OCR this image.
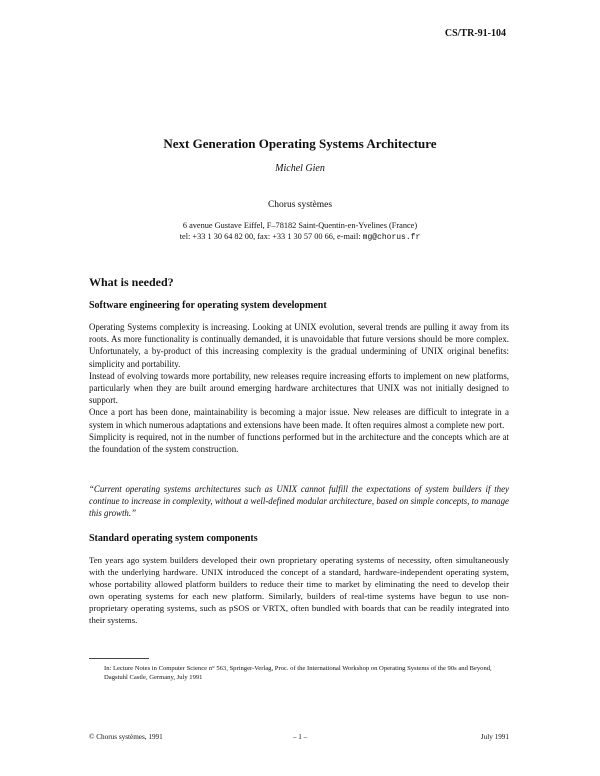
CS/TR-91-104
Next Generation Operating Systems Architecture
Michel Gien
Chorus systèmes
6 avenue Gustave Eiffel, F–78182 Saint-Quentin-en-Yvelines (France)
tel: +33 1 30 64 82 00, fax: +33 1 30 57 00 66, e-mail: mg@chorus.fr
What is needed?
Software engineering for operating system development

Operating Systems complexity is increasing. Looking at UNIX evolution, several trends are pulling it away from its roots. As more functionality is continually demanded, it is unavoidable that future versions should be more complex. Unfortunately, a by-product of this increasing complexity is the gradual undermining of UNIX original benefits: simplicity and portability.

Instead of evolving towards more portability, new releases require increasing efforts to implement on new platforms, particularly when they are built around emerging hardware architectures that UNIX was not initially designed to support.

Once a port has been done, maintainability is becoming a major issue. New releases are difficult to integrate in a system in which numerous adaptations and extensions have been made. It often requires almost a complete new port.

Simplicity is required, not in the number of functions performed but in the architecture and the concepts which are at the foundation of the system construction.

“Current operating systems architectures such as UNIX cannot fulfill the expectations of system builders if they continue to increase in complexity, without a well-defined modular architecture, based on simple concepts, to manage this growth.”
Standard operating system components

Ten years ago system builders developed their own proprietary operating systems of necessity, often simultaneously with the underlying hardware. UNIX introduced the concept of a standard, hardware-independent operating system, whose portability allowed platform builders to reduce their time to market by eliminating the need to develop their own operating systems for each new platform. Similarly, builders of real-time systems have begun to use non-proprietary operating systems, such as pSOS or VRTX, often bundled with boards that can be readily integrated into their systems.

In: Lecture Notes in Computer Science n° 563, Springer-Verlag, Proc. of the International Workshop on Operating Systems of the 90s and Beyond, Dagstuhl Castle, Germany, July 1991
© Chorus systèmes, 1991	– 1 –	July 1991
